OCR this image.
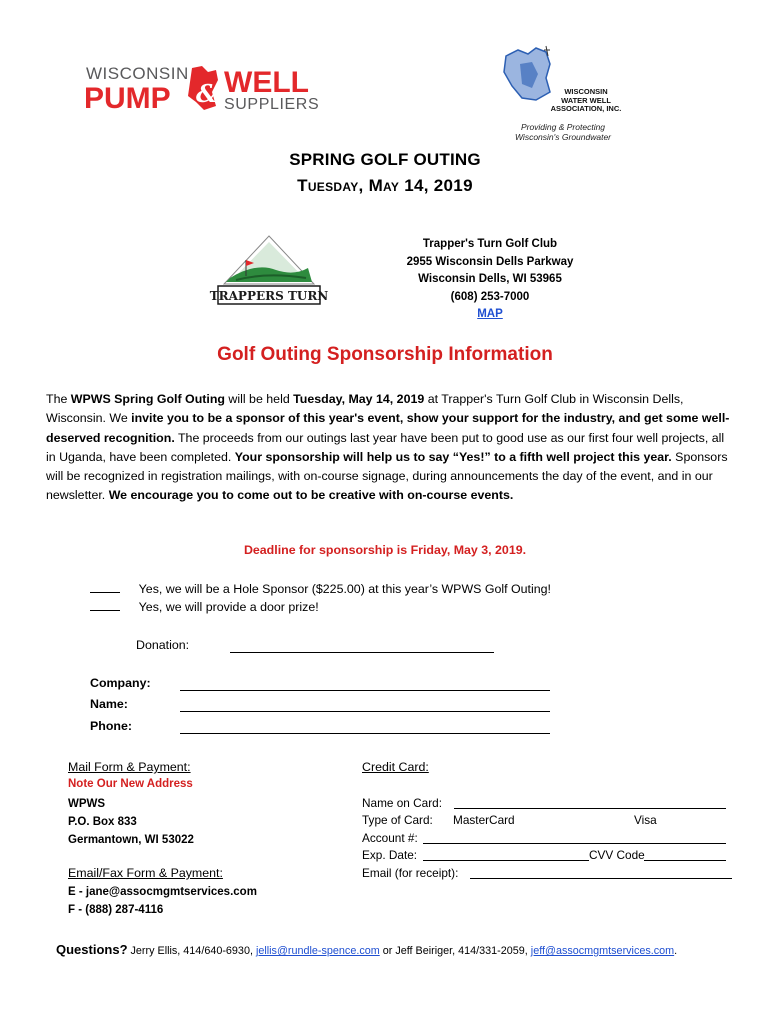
WISCONSIN
PUMP & WELL
SUPPLIERS
WISCONSIN
WATER WELL
ASSOCIATION, INC.
Providing & Protecting
Wisconsin's Groundwater
SPRING GOLF OUTING
Tuesday, May 14, 2019
TRAPPERS TURN
Trapper's Turn Golf Club
2955 Wisconsin Dells Parkway
Wisconsin Dells, WI 53965
(608) 253-7000
MAP
Golf Outing Sponsorship Information
The WPWS Spring Golf Outing will be held Tuesday, May 14, 2019 at Trapper's Turn Golf Club in Wisconsin Dells, Wisconsin. We invite you to be a sponsor of this year's event, show your support for the industry, and get some well-deserved recognition. The proceeds from our outings last year have been put to good use as our first four well projects, all in Uganda, have been completed. Your sponsorship will help us to say “Yes!” to a fifth well project this year. Sponsors will be recognized in registration mailings, with on-course signage, during announcements the day of the event, and in our newsletter. We encourage you to come out to be creative with on-course events.
Deadline for sponsorship is Friday, May 3, 2019.
Yes, we will be a Hole Sponsor ($225.00) at this year’s WPWS Golf Outing!
Yes, we will provide a door prize!
Donation:
Company:
Name:
Phone:
Mail Form & Payment:
Note Our New Address
WPWS
P.O. Box 833
Germantown, WI 53022
Email/Fax Form & Payment:
E - jane@assocmgmtservices.com
F - (888) 287-4116
Credit Card:
Name on Card:
Type of Card: MasterCard	Visa
Account #:
Exp. Date:	CVV Code
Email (for receipt):
Questions? Jerry Ellis, 414/640-6930, jellis@rundle-spence.com or Jeff Beiriger, 414/331-2059, jeff@assocmgmtservices.com.
